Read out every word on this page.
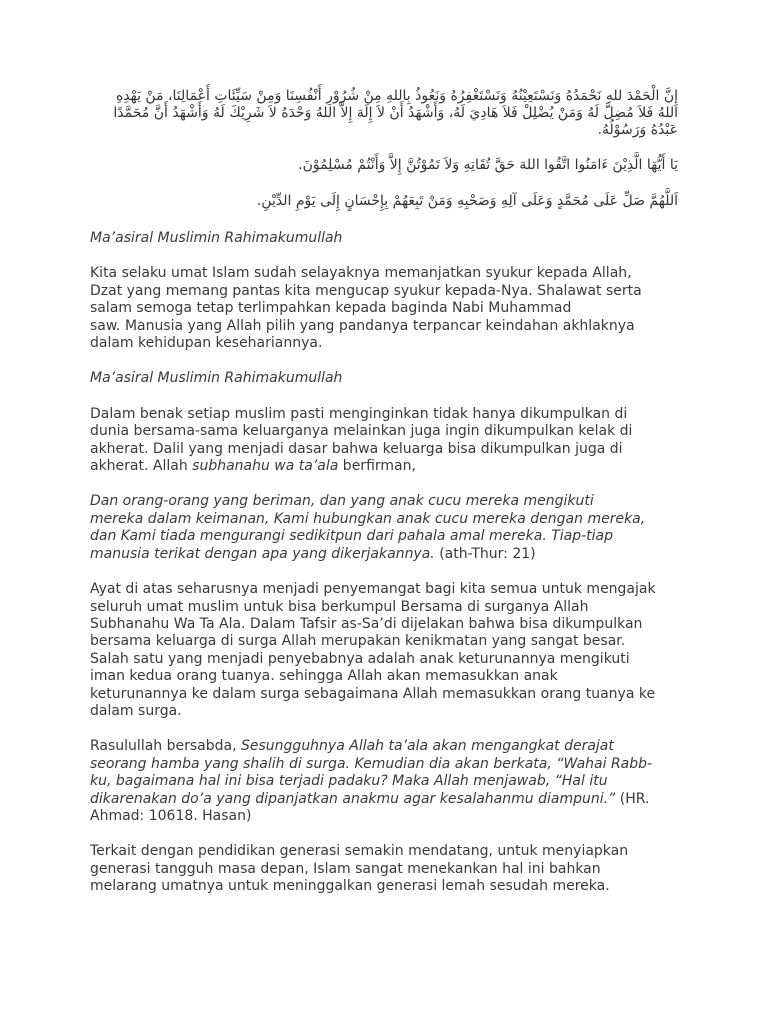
إِنَّ الْحَمْدَ للهِ نَحْمَدُهُ وَنَسْتَعِيْنُهُ وَنَسْتَغْفِرُهُ وَنَعُوذُ بِاللهِ مِنْ شُرُوْرِ أَنْفُسِنَا وَمِنْ سَيِّئَاتِ أَعْمَالِنَا، مَنْ يَهْدِهِ
اللهُ فَلاَ مُضِلَّ لَهُ وَمَنْ يُضْلِلْ فَلاَ هَادِيَ لَهُ، وَأَشْهَدُ أَنْ لاَ إِلَهَ إِلاَّ اللهُ وَحْدَهُ لاَ شَرِيْكَ لَهُ وَأَشْهَدُ أَنَّ مُحَمَّدًا
عَبْدُهُ وَرَسُوْلُهُ.
يَا أَيُّهَا الَّذِيْنَ ءَامَنُوا اتَّقُوا اللهَ حَقَّ تُقَاتِهِ وَلاَ تَمُوْتُنَّ إِلاَّ وَأَنْتُمْ مُسْلِمُوْنَ.
اَللَّهُمَّ صَلِّ عَلَى مُحَمَّدٍ وَعَلَى آلِهِ وَصَحْبِهِ وَمَنْ تَبِعَهُمْ بِإِحْسَانٍ إِلَى يَوْمِ الدِّيْنِ.

Ma’asiral Muslimin Rahimakumullah

Kita selaku umat Islam sudah selayaknya memanjatkan syukur kepada Allah,

Dzat yang memang pantas kita mengucap syukur kepada-Nya. Shalawat serta

salam semoga tetap terlimpahkan kepada baginda Nabi Muhammad

saw. Manusia yang Allah pilih yang pandanya terpancar keindahan akhlaknya

dalam kehidupan kesehariannya.

Ma’asiral Muslimin Rahimakumullah

Dalam benak setiap muslim pasti menginginkan tidak hanya dikumpulkan di

dunia bersama-sama keluarganya melainkan juga ingin dikumpulkan kelak di

akherat. Dalil yang menjadi dasar bahwa keluarga bisa dikumpulkan juga di

akherat. Allah subhanahu wa ta’ala berfirman,

Dan orang-orang yang beriman, dan yang anak cucu mereka mengikuti

mereka dalam keimanan, Kami hubungkan anak cucu mereka dengan mereka,

dan Kami tiada mengurangi sedikitpun dari pahala amal mereka. Tiap-tiap

manusia terikat dengan apa yang dikerjakannya. (ath-Thur: 21)

Ayat di atas seharusnya menjadi penyemangat bagi kita semua untuk mengajak

seluruh umat muslim untuk bisa berkumpul Bersama di surganya Allah

Subhanahu Wa Ta Ala. Dalam Tafsir as-Sa’di dijelakan bahwa bisa dikumpulkan

bersama keluarga di surga Allah merupakan kenikmatan yang sangat besar.

Salah satu yang menjadi penyebabnya adalah anak keturunannya mengikuti

iman kedua orang tuanya. sehingga Allah akan memasukkan anak

keturunannya ke dalam surga sebagaimana Allah memasukkan orang tuanya ke

dalam surga.

Rasulullah bersabda, Sesungguhnya Allah ta’ala akan mengangkat derajat

seorang hamba yang shalih di surga. Kemudian dia akan berkata, “Wahai Rabb-

ku, bagaimana hal ini bisa terjadi padaku? Maka Allah menjawab, “Hal itu

dikarenakan do’a yang dipanjatkan anakmu agar kesalahanmu diampuni.” (HR.

Ahmad: 10618. Hasan)

Terkait dengan pendidikan generasi semakin mendatang, untuk menyiapkan

generasi tangguh masa depan, Islam sangat menekankan hal ini bahkan

melarang umatnya untuk meninggalkan generasi lemah sesudah mereka.
